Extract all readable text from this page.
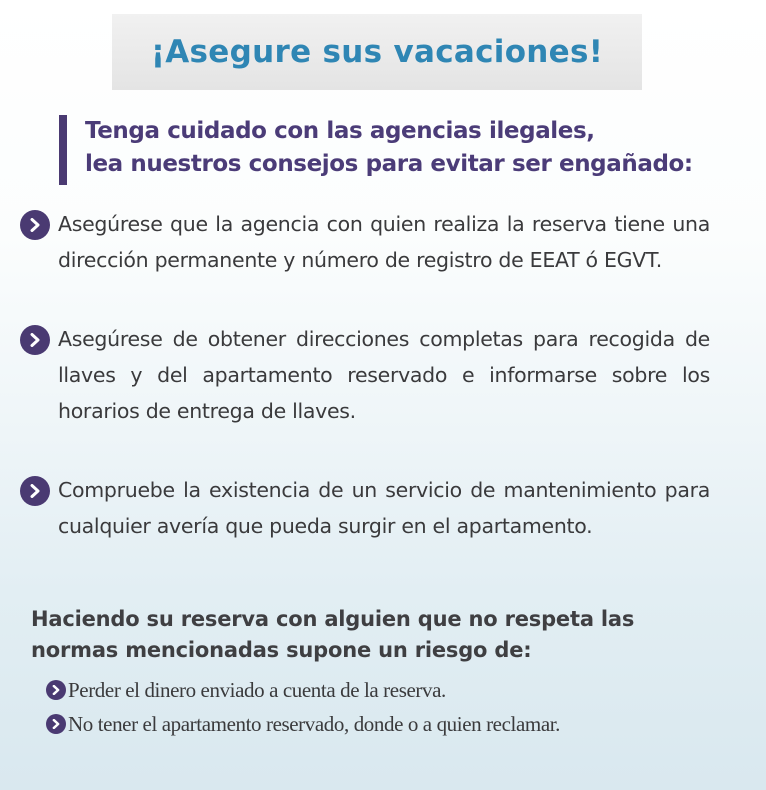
¡Asegure sus vacaciones!
Tenga cuidado con las agencias ilegales,
lea nuestros consejos para evitar ser engañado:
Asegúrese que la agencia con quien realiza la reserva tiene una dirección permanente y número de registro de EEAT ó EGVT.
Asegúrese de obtener direcciones completas para recogida de llaves y del apartamento reservado e informarse sobre los horarios de entrega de llaves.
Compruebe la existencia de un servicio de mantenimiento para cualquier avería que pueda surgir en el apartamento.
Haciendo su reserva con alguien que no respeta las
normas mencionadas supone un riesgo de:
Perder el dinero enviado a cuenta de la reserva.
No tener el apartamento reservado, donde o a quien reclamar.
